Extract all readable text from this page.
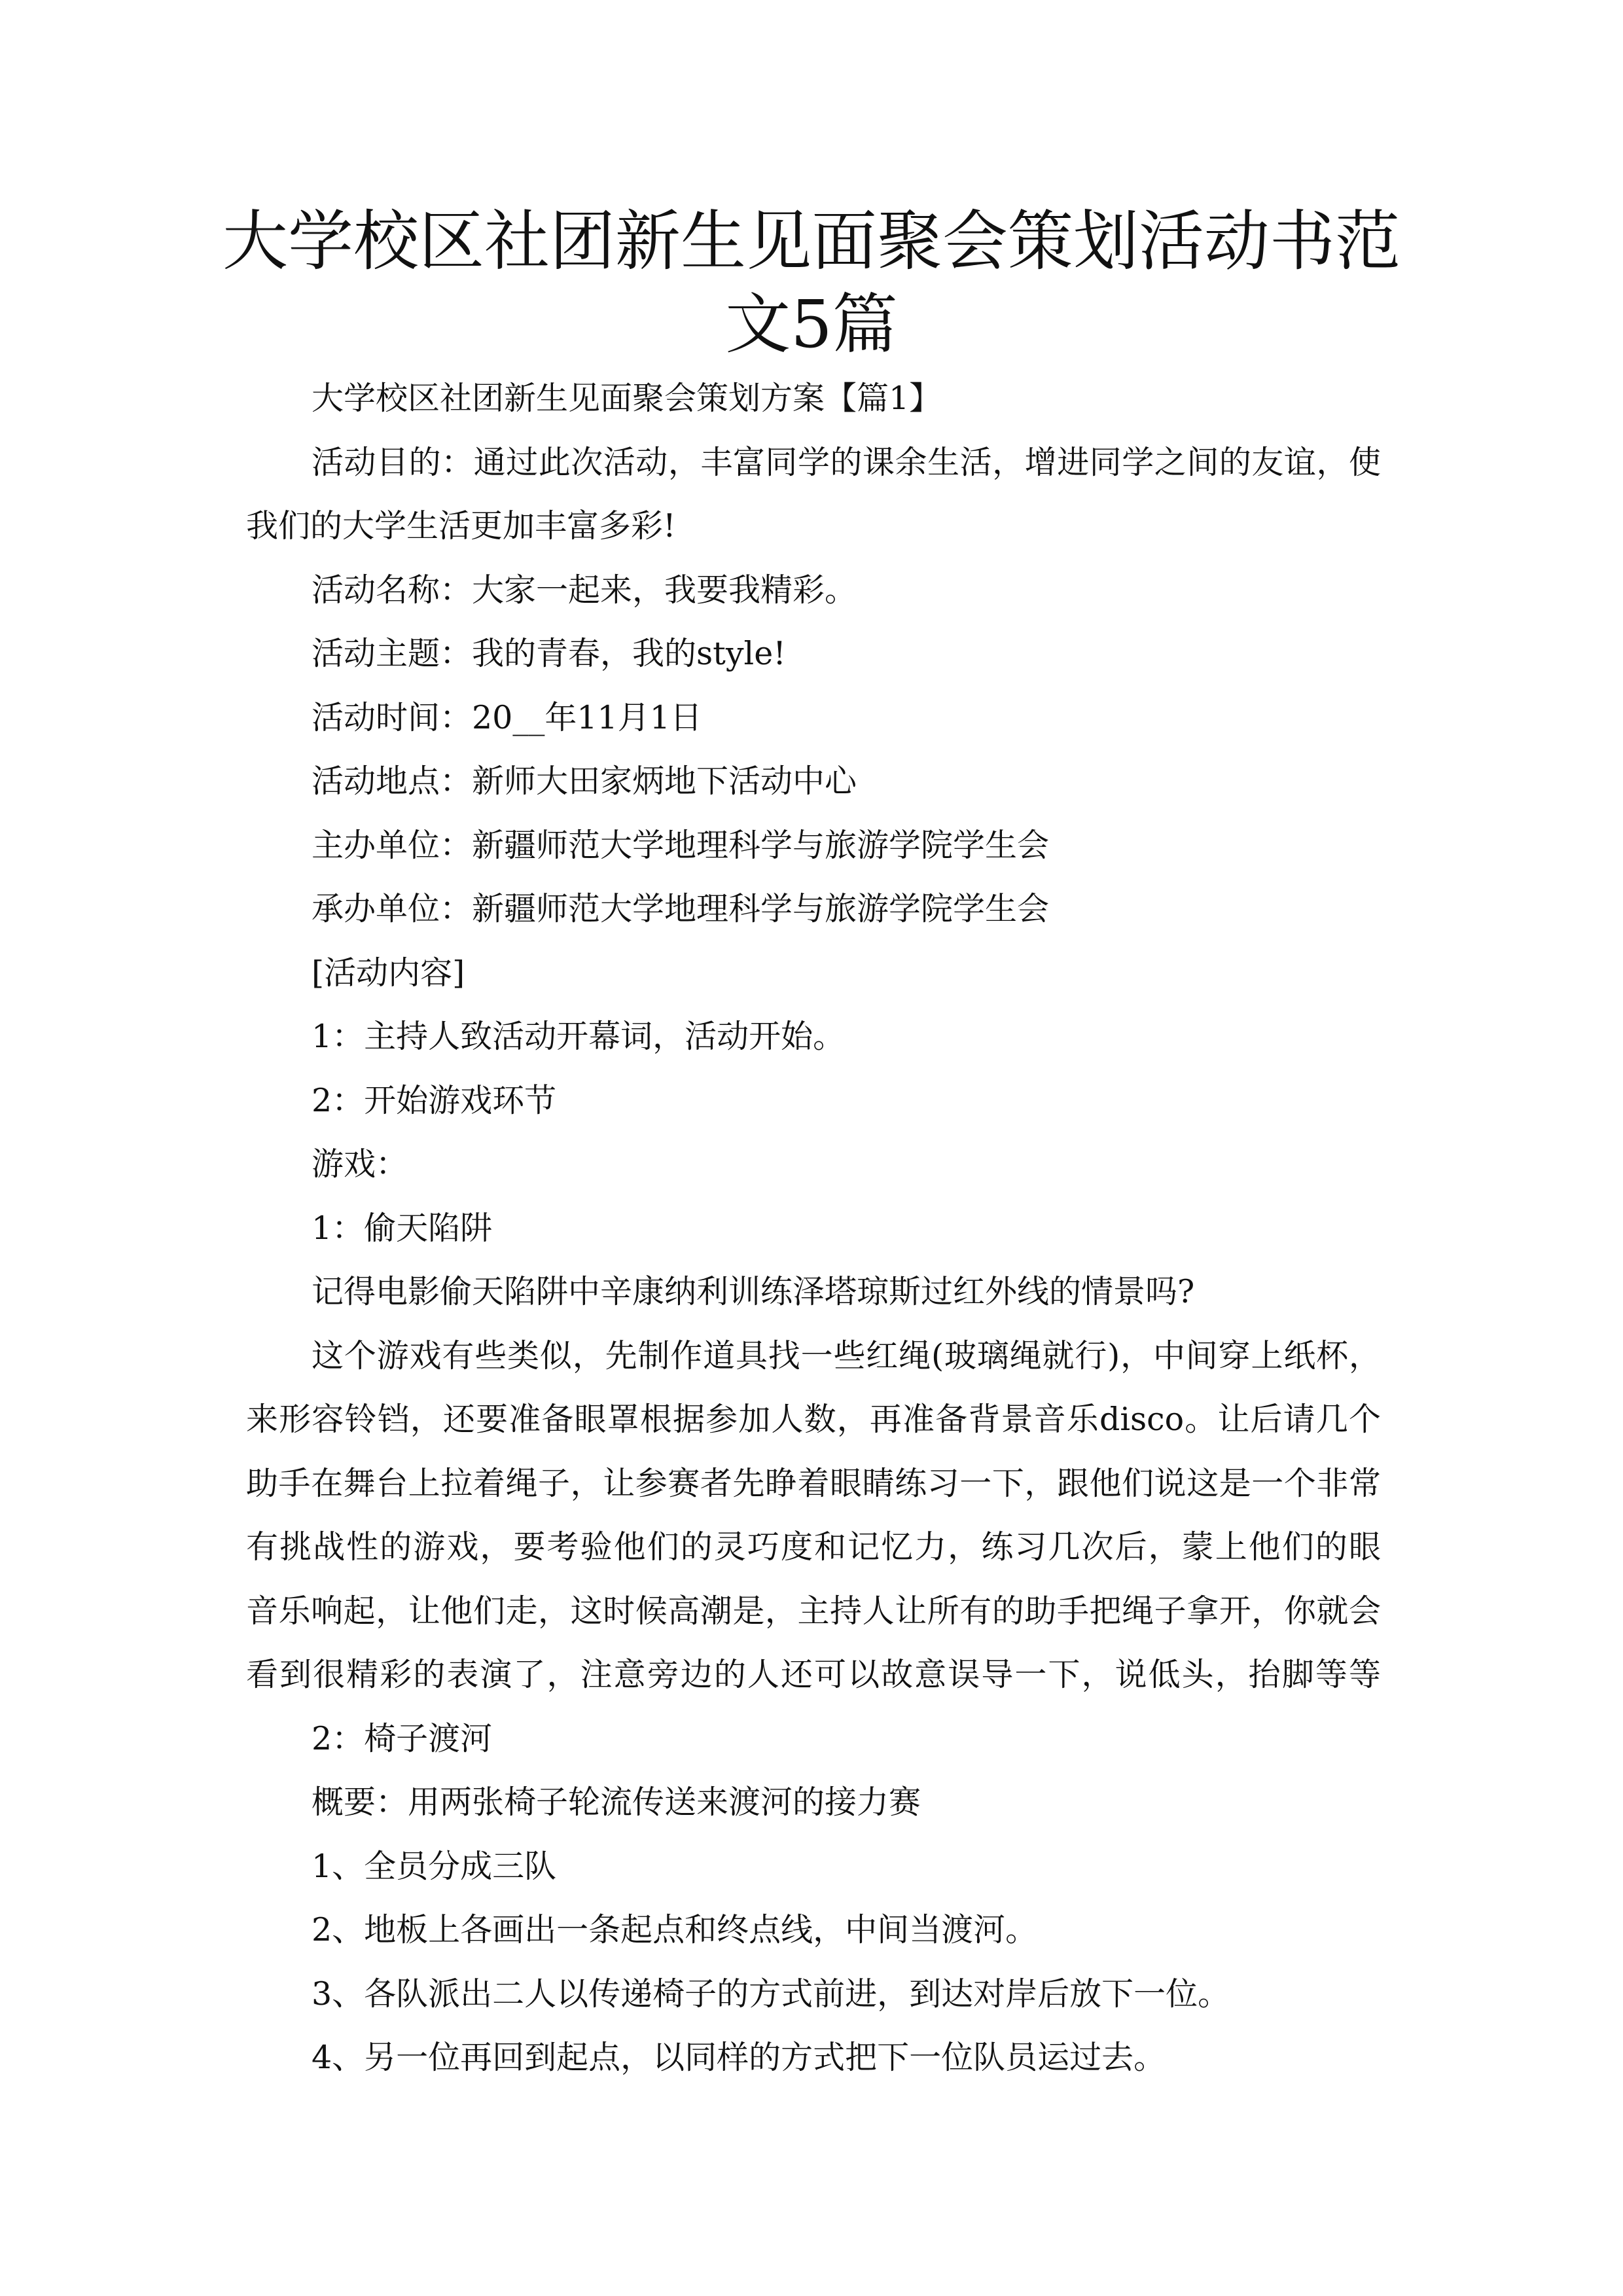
大学校区社团新生见面聚会策划活动书范
文5篇
大学校区社团新生见面聚会策划方案【篇1】
活动目的：通过此次活动，丰富同学的课余生活，增进同学之间的友谊，使
我们的大学生活更加丰富多彩!
活动名称：大家一起来，我要我精彩。
活动主题：我的青春，我的style!
活动时间：20__年11月1日
活动地点：新师大田家炳地下活动中心
主办单位：新疆师范大学地理科学与旅游学院学生会
承办单位：新疆师范大学地理科学与旅游学院学生会
[活动内容]
1：主持人致活动开幕词，活动开始。
2：开始游戏环节
游戏：
1：偷天陷阱
记得电影偷天陷阱中辛康纳利训练泽塔琼斯过红外线的情景吗?
这个游戏有些类似，先制作道具找一些红绳(玻璃绳就行)，中间穿上纸杯，
来形容铃铛，还要准备眼罩根据参加人数，再准备背景音乐disco。让后请几个
助手在舞台上拉着绳子，让参赛者先睁着眼睛练习一下，跟他们说这是一个非常
有挑战性的游戏，要考验他们的灵巧度和记忆力，练习几次后，蒙上他们的眼
音乐响起，让他们走，这时候高潮是，主持人让所有的助手把绳子拿开，你就会
看到很精彩的表演了，注意旁边的人还可以故意误导一下，说低头，抬脚等等
2：椅子渡河
概要：用两张椅子轮流传送来渡河的接力赛
1、全员分成三队
2、地板上各画出一条起点和终点线，中间当渡河。
3、各队派出二人以传递椅子的方式前进，到达对岸后放下一位。
4、另一位再回到起点，以同样的方式把下一位队员运过去。
